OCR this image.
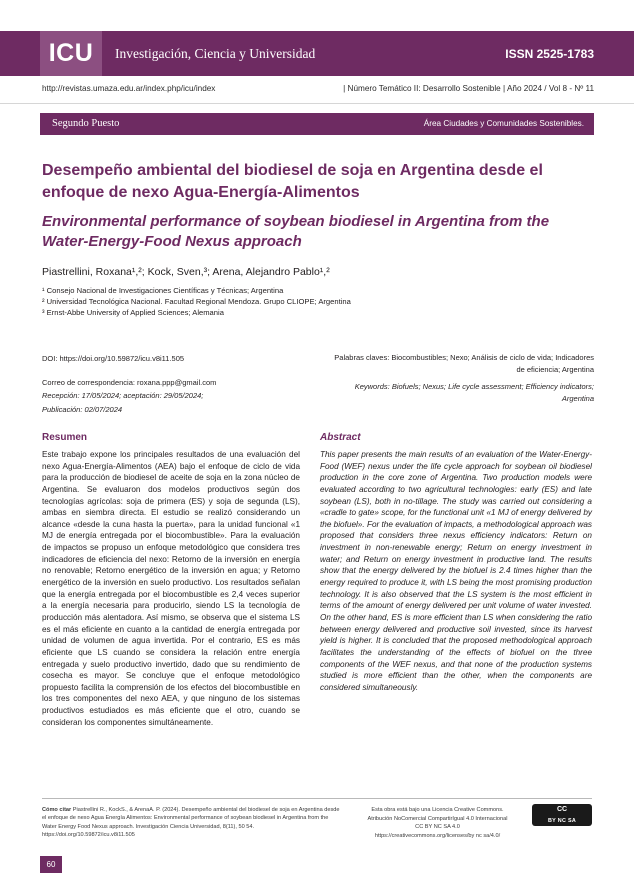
ICU Investigación, Ciencia y Universidad	ISSN 2525-1783
http://revistas.umaza.edu.ar/index.php/icu/index	| Número Temático II: Desarrollo Sostenible | Año 2024 / Vol 8 - Nº 11
Segundo Puesto	Área Ciudades y Comunidades Sostenibles.
Desempeño ambiental del biodiesel de soja en Argentina desde el enfoque de nexo Agua-Energía-Alimentos
Environmental performance of soybean biodiesel in Argentina from the Water-Energy-Food Nexus approach
Piastrellini, Roxana¹,²; Kock, Sven,³; Arena, Alejandro Pablo¹,²
¹ Consejo Nacional de Investigaciones Científicas y Técnicas; Argentina
² Universidad Tecnológica Nacional. Facultad Regional Mendoza. Grupo CLIOPE; Argentina
³ Ernst-Abbe University of Applied Sciences; Alemania
DOI: https://doi.org/10.59872/icu.v8i11.505
Correo de correspondencia: roxana.ppp@gmail.com
Recepción: 17/05/2024; aceptación: 29/05/2024;
Publicación: 02/07/2024
Palabras claves: Biocombustibles; Nexo; Análisis de ciclo de vida; Indicadores de eficiencia; Argentina
Keywords: Biofuels; Nexus; Life cycle assessment; Efficiency indicators; Argentina
Resumen
Este trabajo expone los principales resultados de una evaluación del nexo Agua-Energía-Alimentos (AEA) bajo el enfoque de ciclo de vida para la producción de biodiesel de aceite de soja en la zona núcleo de Argentina. Se evaluaron dos modelos productivos según dos tecnologías agrícolas: soja de primera (ES) y soja de segunda (LS), ambas en siembra directa. El estudio se realizó considerando un alcance «desde la cuna hasta la puerta», para la unidad funcional «1 MJ de energía entregada por el biocombustible». Para la evaluación de impactos se propuso un enfoque metodológico que considera tres indicadores de eficiencia del nexo: Retorno de la inversión en energía no renovable; Retorno energético de la inversión en agua; y Retorno energético de la inversión en suelo productivo. Los resultados señalan que la energía entregada por el biocombustible es 2,4 veces superior a la energía necesaria para producirlo, siendo LS la tecnología de producción más alentadora. Así mismo, se observa que el sistema LS es el más eficiente en cuanto a la cantidad de energía entregada por unidad de volumen de agua invertida. Por el contrario, ES es más eficiente que LS cuando se considera la relación entre energía entregada y suelo productivo invertido, dado que su rendimiento de cosecha es mayor. Se concluye que el enfoque metodológico propuesto facilita la comprensión de los efectos del biocombustible en los tres componentes del nexo AEA, y que ninguno de los sistemas productivos estudiados es más eficiente que el otro, cuando se consideran los componentes simultáneamente.
Abstract
This paper presents the main results of an evaluation of the Water-Energy-Food (WEF) nexus under the life cycle approach for soybean oil biodiesel production in the core zone of Argentina. Two production models were evaluated according to two agricultural technologies: early (ES) and late soybean (LS), both in no-tillage. The study was carried out considering a «cradle to gate» scope, for the functional unit «1 MJ of energy delivered by the biofuel». For the evaluation of impacts, a methodological approach was proposed that considers three nexus efficiency indicators: Return on investment in non-renewable energy; Return on energy investment in water; and Return on energy investment in productive land. The results show that the energy delivered by the biofuel is 2.4 times higher than the energy required to produce it, with LS being the most promising production technology. It is also observed that the LS system is the most efficient in terms of the amount of energy delivered per unit volume of water invested. On the other hand, ES is more efficient than LS when considering the ratio between energy delivered and productive soil invested, since its harvest yield is higher. It is concluded that the proposed methodological approach facilitates the understanding of the effects of biofuel on the three components of the WEF nexus, and that none of the production systems studied is more efficient than the other, when the components are considered simultaneously.
Cómo citar Piastrellini R., KockS., & ArenaA. P. (2024). Desempeño ambiental del biodiesel de soja en Argentina desde el enfoque de nexo Agua Energía Alimentos: Environmental performance of soybean biodiesel in Argentina from the Water Energy Food Nexus approach. Investigación Ciencia Universidad, 8(11), 50 54. https://doi.org/10.59872/icu.v8i11.505
Esta obra está bajo una Licencia Creative Commons.
Atribución NoComercial CompartirIgual 4.0 Internacional
CC BY NC SA 4.0
https://creativecommons.org/licenses/by nc sa/4.0/
CC
BY NC SA
60
